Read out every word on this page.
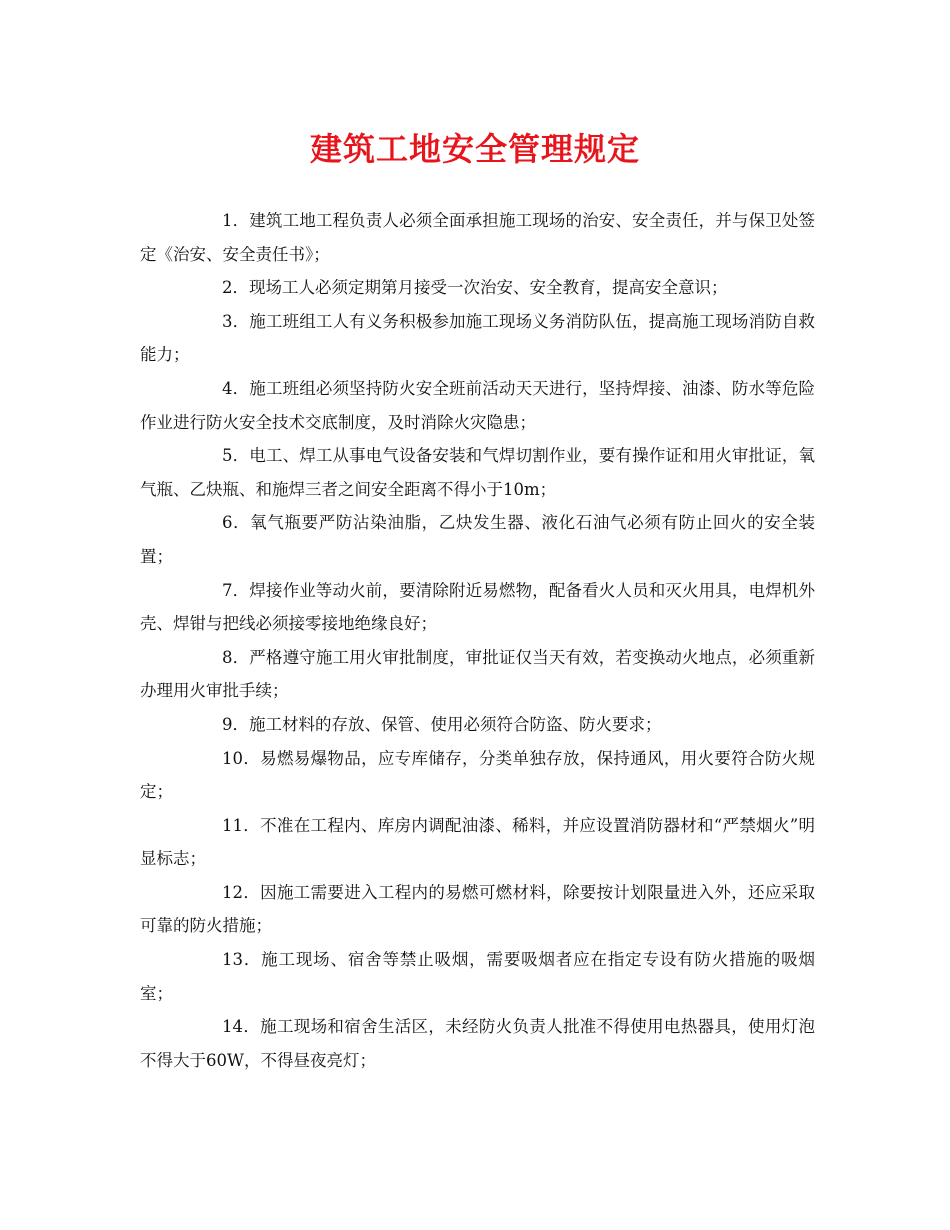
建筑工地安全管理规定

1．建筑工地工程负责人必须全面承担施工现场的治安、安全责任，并与保卫处签定《治安、安全责任书》；

2．现场工人必须定期第月接受一次治安、安全教育，提高安全意识；

3．施工班组工人有义务积极参加施工现场义务消防队伍，提高施工现场消防自救能力；

4．施工班组必须坚持防火安全班前活动天天进行，坚持焊接、油漆、防水等危险作业进行防火安全技术交底制度，及时消除火灾隐患；

5．电工、焊工从事电气设备安装和气焊切割作业，要有操作证和用火审批证，氧气瓶、乙炔瓶、和施焊三者之间安全距离不得小于10m；

6．氧气瓶要严防沾染油脂，乙炔发生器、液化石油气必须有防止回火的安全装置；

7．焊接作业等动火前，要清除附近易燃物，配备看火人员和灭火用具，电焊机外壳、焊钳与把线必须接零接地绝缘良好；

8．严格遵守施工用火审批制度，审批证仅当天有效，若变换动火地点，必须重新办理用火审批手续；

9．施工材料的存放、保管、使用必须符合防盗、防火要求；

10．易燃易爆物品，应专库储存，分类单独存放，保持通风，用火要符合防火规定；

11．不准在工程内、库房内调配油漆、稀料，并应设置消防器材和“严禁烟火”明显标志；

12．因施工需要进入工程内的易燃可燃材料，除要按计划限量进入外，还应采取可靠的防火措施；

13．施工现场、宿舍等禁止吸烟，需要吸烟者应在指定专设有防火措施的吸烟室；

14．施工现场和宿舍生活区，未经防火负责人批准不得使用电热器具，使用灯泡不得大于60W，不得昼夜亮灯；
